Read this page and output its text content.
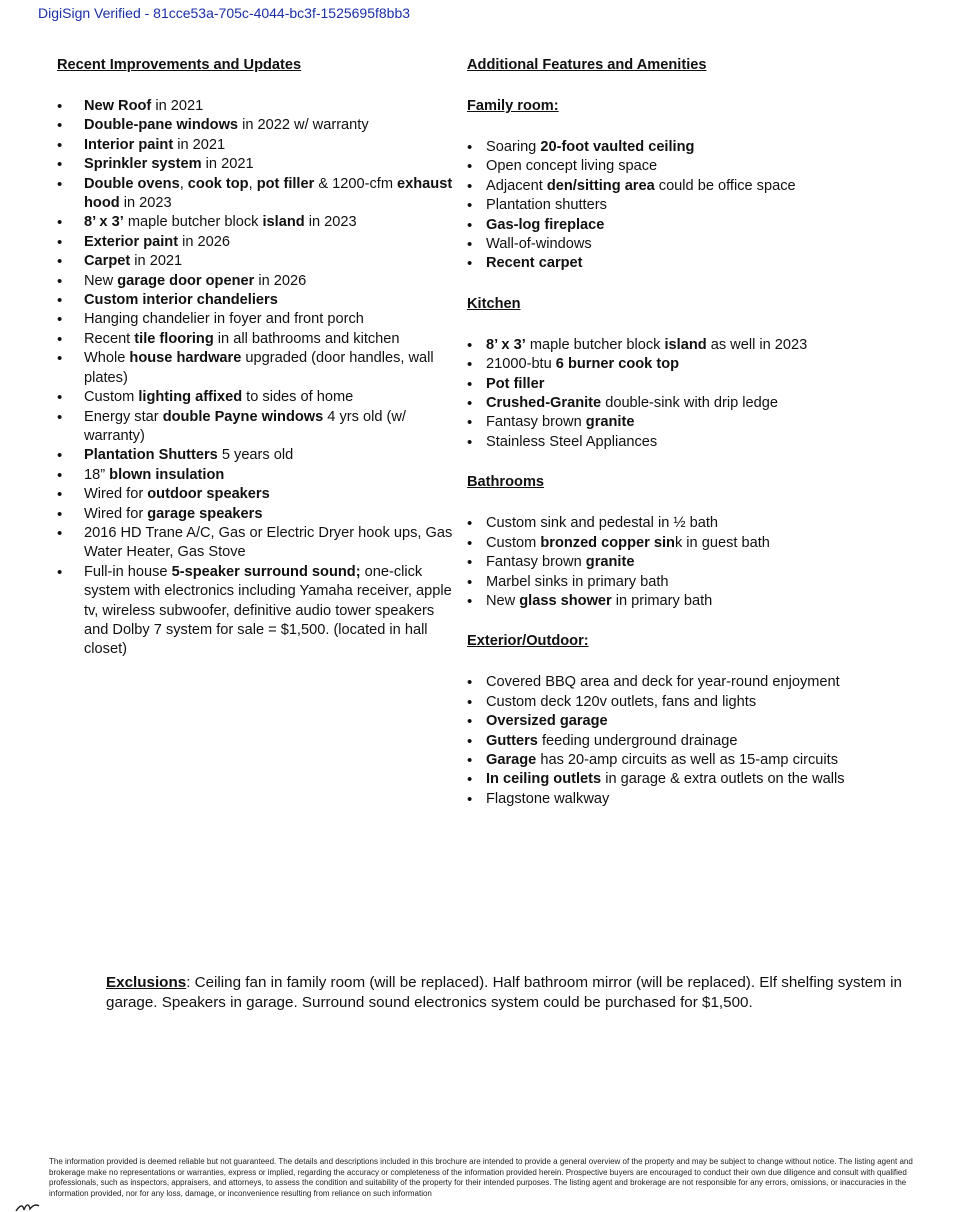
DigiSign Verified - 81cce53a-705c-4044-bc3f-1525695f8bb3
Recent Improvements and Updates
• New Roof in 2021
• Double-pane windows in 2022 w/ warranty
• Interior paint in 2021
• Sprinkler system in 2021
• Double ovens, cook top, pot filler & 1200-cfm exhaust hood in 2023
• 8’ x 3’ maple butcher block island in 2023
• Exterior paint in 2026
• Carpet in 2021
• New garage door opener in 2026
• Custom interior chandeliers
• Hanging chandelier in foyer and front porch
• Recent tile flooring in all bathrooms and kitchen
• Whole house hardware upgraded (door handles, wall plates)
• Custom lighting affixed to sides of home
• Energy star double Payne windows 4 yrs old (w/ warranty)
• Plantation Shutters 5 years old
• 18” blown insulation
• Wired for outdoor speakers
• Wired for garage speakers
• 2016 HD Trane A/C, Gas or Electric Dryer hook ups, Gas Water Heater, Gas Stove
• Full-in house 5-speaker surround sound; one-click system with electronics including Yamaha receiver, apple tv, wireless subwoofer, definitive audio tower speakers and Dolby 7 system for sale = $1,500. (located in hall closet)
Additional Features and Amenities
Family room:
• Soaring 20-foot vaulted ceiling
• Open concept living space
• Adjacent den/sitting area could be office space
• Plantation shutters
• Gas-log fireplace
• Wall-of-windows
• Recent carpet
Kitchen
• 8’ x 3’ maple butcher block island as well in 2023
• 21000-btu 6 burner cook top
• Pot filler
• Crushed-Granite double-sink with drip ledge
• Fantasy brown granite
• Stainless Steel Appliances
Bathrooms
• Custom sink and pedestal in ½ bath
• Custom bronzed copper sink in guest bath
• Fantasy brown granite
• Marbel sinks in primary bath
• New glass shower in primary bath
Exterior/Outdoor:
• Covered BBQ area and deck for year-round enjoyment
• Custom deck 120v outlets, fans and lights
• Oversized garage
• Gutters feeding underground drainage
• Garage has 20-amp circuits as well as 15-amp circuits
• In ceiling outlets in garage & extra outlets on the walls
• Flagstone walkway
Exclusions: Ceiling fan in family room (will be replaced). Half bathroom mirror (will be replaced). Elf shelfing system in garage. Speakers in garage. Surround sound electronics system could be purchased for $1,500.
The information provided is deemed reliable but not guaranteed. The details and descriptions included in this brochure are intended to provide a general overview of the property and may be subject to change without notice. The listing agent and brokerage make no representations or warranties, express or implied, regarding the accuracy or completeness of the information provided herein. Prospective buyers are encouraged to conduct their own due diligence and consult with qualified professionals, such as inspectors, appraisers, and attorneys, to assess the condition and suitability of the property for their intended purposes. The listing agent and brokerage are not responsible for any errors, omissions, or inaccuracies in the information provided, nor for any loss, damage, or inconvenience resulting from reliance on such information
